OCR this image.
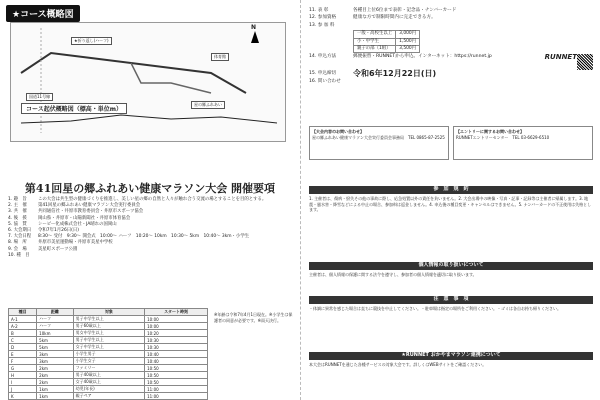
★コース概略図
★折り返し(ハーフ)
国道11号線
N
星の郷ふれあい
体育館
コース起伏概略図（標高・単位m）
第41回星の郷ふれあい健康マラソン大会 開催要項
1. 趣　旨	この大会は共生型の健康づくりを推進し、美しい星の郷の自然と人々が触れ合う交流の場とすることを目的とする。
2. 主　催	第41回星の郷ふれあい健康マラソン大会実行委員会
3. 共　催	共同通信社・井原市教育委員会・井原市スポーツ協会
4. 後　援	岡山県・井原市・山陽新聞社・井原市体育協会
5. 協　賛	シーピー化成株式会社・JA晴れの国岡山
6. 大会期日	令和7年1月26日(日)
7. 大会日程	8:30〜 受付　9:30〜 開会式　10:00〜 ハーフ　10:20〜 10km　10:30〜 5km　10:40〜 3km・小学生
8. 場　所	井原市美星運動場・井原市美星中学校
9. 会　場	美星町スポーツ公園
10. 種　目
種目	距離	対象	スタート時刻
A-1	ハーフ	男子中学生以上	10:00
A-2	ハーフ	男子60歳以上	10:00
B	10km	男女中学生以上	10:20
C	5km	男子中学生以上	10:30
D	5km	女子中学生以上	10:30
E	3km	小学生男子	10:40
F	3km	小学生女子	10:40
G	2km	ファミリー	10:50
H	2km	男子40歳以上	10:50
I	2km	女子40歳以上	10:50
J	1km	幼児(年長)	11:00
K	1km	親子ペア	11:00
※年齢は令和7年4月1日現在。※小学生は保護者の同意が必要です。※雨天決行。
11. 表 彰	各種目上位6位まで表彰・記念品・ナンバーカード
12. 参加資格	健康な方で制限時間内に完走できる方。
13. 参 加 料
一般・高校生以上	3,000円
小・中学生	1,500円
親子の部（1組）	3,500円
14. 申込方法	郵便振替・RUNNETから申込。インターネット：https://runnet.jp	RUNNET
15. 申込締切	令和6年12月22日(日)
16. 問い合わせ
【大会内容のお問い合わせ】
星の郷ふれあい健康マラソン大会実行委員会事務局　TEL 0865-87-2525
【エントリーに関するお問い合わせ】
RUNNETエントリーセンター　TEL 03-6629-6510
参　加　規　約
1. 主催者は、傷病・紛失その他の事故に際し、応急処置以外の責任を負いません。2. 大会出場中の映像・写真・記事・記録等は主催者に帰属します。3. 地震・風水害・降雪などによる中止の場合、参加料は返金しません。4. 申込後の種目変更・キャンセルはできません。5. ナンバーカードの不正使用は失格とします。
個人情報の取り扱いについて
主催者は、個人情報の保護に関する法令を遵守し、参加者の個人情報を適切に取り扱います。
注　意　事　項
・体調に異常を感じた場合は直ちに競技を中止してください。・駐車場は指定の場所をご利用ください。・ゴミは各自お持ち帰りください。
★RUNNET おかやまマラソン連携について
本大会はRUNNETを通じた各種サービスの対象大会です。詳しくはWEBサイトをご確認ください。
